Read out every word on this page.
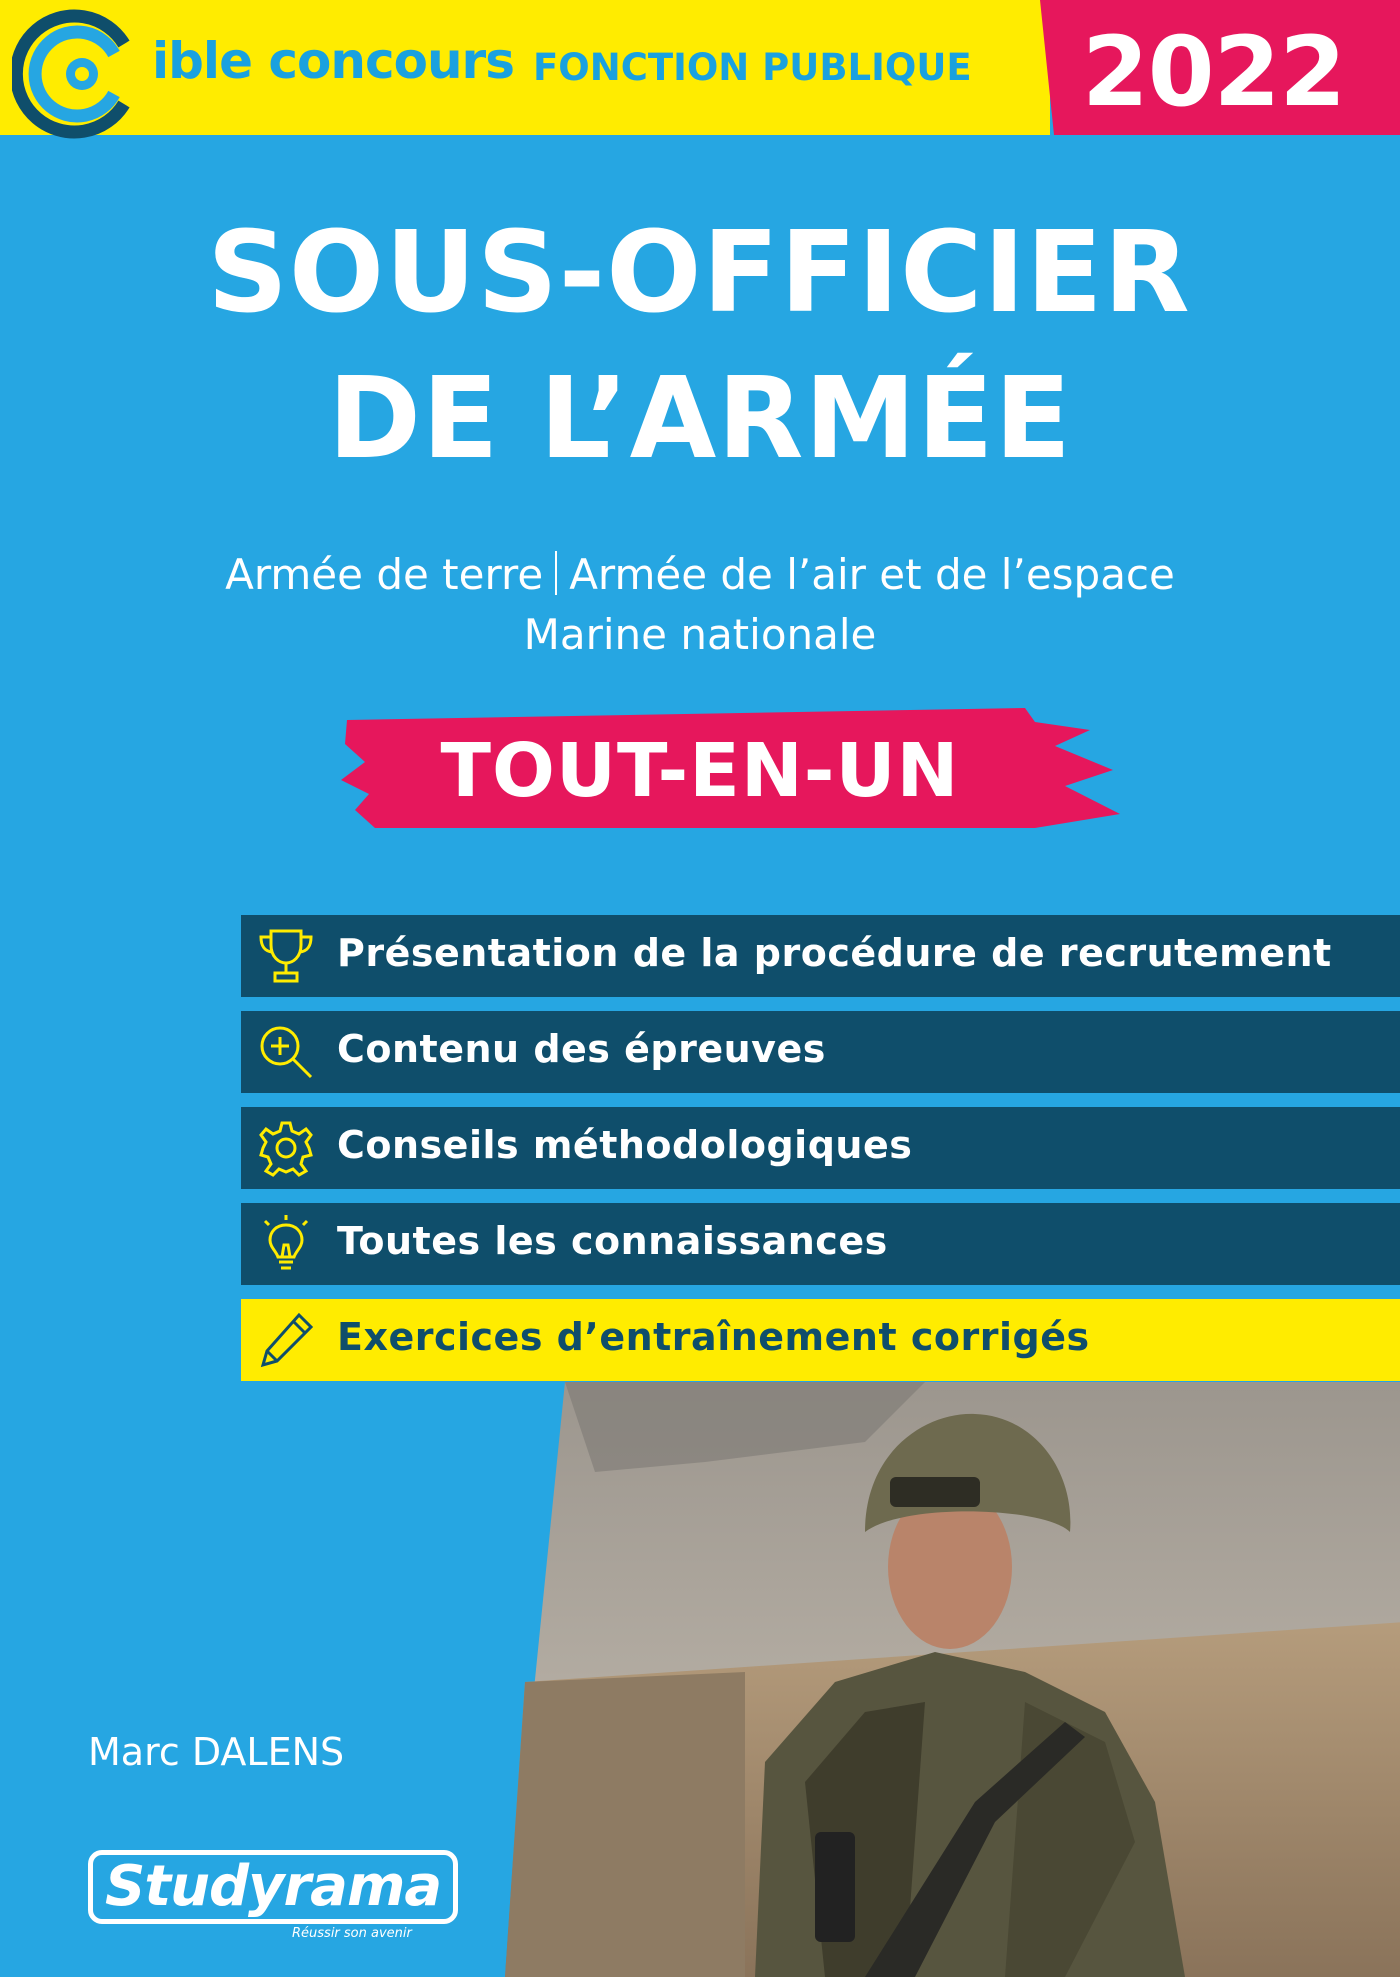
ible concours FONCTION PUBLIQUE 2022
SOUS-OFFICIER
DE L’ARMÉE
Armée de terre Armée de l’air et de l’espace
Marine nationale
TOUT-EN-UN
Présentation de la procédure de recrutement
Contenu des épreuves
Conseils méthodologiques
Toutes les connaissances
Exercices d’entraînement corrigés
Marc DALENS
Studyrama
Réussir son avenir
